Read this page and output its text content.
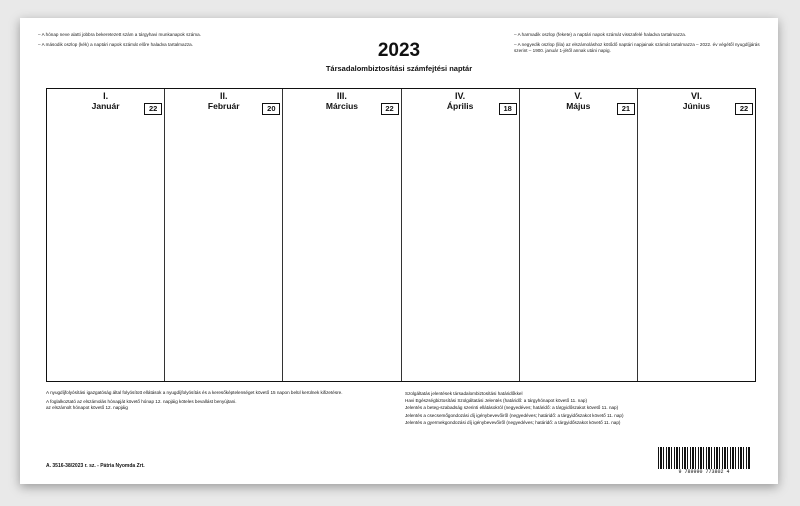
– A hónap neve alatti jobbra bekeretezett szám a tárgyhavi munkanapok száma.
– A második oszlop (kék) a naptári napok számát előre haladva tartalmazza.
– A harmadik oszlop (fekete) a naptári napok számát visszafelé haladva tartalmazza.
– A negyedik oszlop (lila) az elszámoláshoz kötődő naptári napjainak számát tartalmazza – 2022. év végétől nyugdíjjárás szerint – 1900. január 1-jétől annak utáni napig.
2023
Társadalombiztosítási számfejtési naptár
I.
Január	22
II.
Február	20
III.
Március	22
IV.
Április	18
V.
Május	21
VI.
Június	22
A nyugdíjfolyósítási igazgatóság által folyósított ellátások a nyugdíjfolyósítás és a keresőképtelenséget követő 15 napon belül kerülnek kifizetésre.
A foglalkoztató az elszámolás hónapját követő hónap 12. napjáig köteles bevallást benyújtani.
az elszámolt hónapot követő 12. napjáig
Szolgáltatás jelentések társadalombiztosítási határidőkkel
Havi Egészségbiztosítási Szolgáltatási Jelentés (határidő: a tárgyhónapot követő 11. nap)
Jelentés a beteg-szabadság szerinti ellátásokról (negyedéves; határidő: a tárgyidőszakot követő 11. nap)
Jelentés a csecsemőgondozási díj igénybevevőiről (negyedéves; határidő: a tárgyidőszakot követő 11. nap)
Jelentés a gyermekgondozási díj igénybevevőiről (negyedéves; határidő: a tárgyidőszakot követő 11. nap)
A. 3516-38/2023 r. sz. - Pátria Nyomda Zrt.
9 789990 773802 4
